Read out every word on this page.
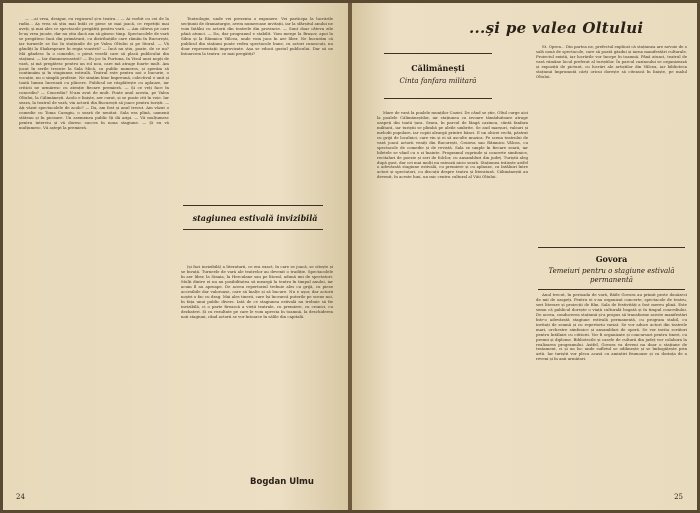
— ...ai vrea, desigur, eu regizorul și-n teatru... — Ai vorbit cu cei de la radio... Aș vrea să știu mai întâi ce piese se mai joacă, ce repetiții mai aveți, și mai ales ce spectacole pregătiți pentru vară. — Am câteva pe care le-aș vrea jucate, dar nu știu dacă am să găsesc timp. Spectacolele de vară se pregătesc încă din primăvară, cu distribuțiile care rămân în București, iar turneele se fac în stațiunile de pe Valea Oltului și pe litoral. — Vă gândiți la Shakespeare în regia voastră? — Încă nu știu, poate, de ce nu? Mă gândesc la o comedie, o piesă veselă care să placă publicului din stațiuni. — Iar dumneavoastră? — Eu joc în Furtuna, în Visul unei nopți de vară, și mă pregătesc pentru un rol nou, care mă atrage foarte mult. Am jucat în serile trecute la Sala Mică, cu public numeros, și sperăm să continuăm și în stagiunea estivală. Teatrul este pentru noi o bucurie, o vocație, nu o simplă profesie. Ne simțim bine împreună, colectivul e unit și toată lumea lucrează cu plăcere. Publicul ne răsplătește cu aplauze, iar criticii ne urmăresc cu atenție fiecare premieră. — Și ce veți face în concediu? — Concediu? N-am avut de mult. Poate anul acesta, pe Valea Oltului, la Călimănești. Acolo e liniște, aer curat, și se poate citi în voie. Iar seara, la teatrul de vară, vin actorii din București să joace pentru turiști. — Ați văzut spectacolele de acolo? — Da, am fost și anul trecut. Am văzut o comedie cu Toma Caragiu, o seară de neuitat. Sala era plină, oamenii stăteau și în picioare. Un asemenea public îți dă aripi. — Vă mulțumesc pentru interviu și vă doresc succes în noua stagiune. — Și eu vă mulțumesc. Vă aștept la premieră.

Teatrologie, unde vei prezenta o expunere. Vei participa la lucrările secțiunii de dramaturgie, avem numeroase invitații, iar la sfârșitul anului ne vom întâlni cu actorii din teatrele din provincie. — Sunt doar câteva zile până atunci. — Da, dar programul e stabilit. Vom merge la Brașov, apoi la Sibiu și la Râmnicu Vâlcea, unde vom juca în aer liber. Ne bucurăm că publicul din stațiuni poate vedea spectacole bune, cu actori cunoscuți, nu doar reprezentații improvizate. Așa se educă gustul publicului. Dar să ne întoarcem la teatru: ce mai pregătiți?

stagiunea estivală invizibilă

(și faci invizibilă) a literaturii, ce era exact, în care se joacă, se citește și se învață. Turneele de vară ale teatrelor au devenit o tradiție. Spectacolele în aer liber, la Sinaia, la Herculane sau pe litoral, adună mii de spectatori. Mulți dintre ei nu au posibilitatea să meargă la teatru în timpul anului, iar acum îl au aproape. De aceea repertoriul trebuie ales cu grijă, cu piese accesibile dar valoroase, care să înalțe și să bucure. Nu e ușor, dar actorii noștri o fac cu drag. Mai ales tinerii, care își încearcă puterile pe scene noi, în fața unui public divers. Iată de ce stagiunea estivală nu trebuie să fie invizibilă, ci o parte firească a vieții teatrale, cu premiere, cu cronici, cu dezbateri. Și cu rezultate pe care le vom aprecia în toamnă, la deschiderea noii stagiuni, când actorii se vor întoarce în sălile din capitală.

Bogdan Ulmu
24
...și pe valea Oltului
Călimănești
Cinta fanfara militară

Mare de vară la poalele munților Coziei. De când se știe, Oltul curge aici la poalele Călimăneștilor, iar stațiunea cu izvoare tămăduitoare atrage oaspeți din toată țara. Seara, în parcul de lângă cazinou, cântă fanfara militară, iar turiștii se plimbă pe aleile umbrite. Se aud marșuri, valsuri și melodii populare, iar copiii aleargă printre bănci. E un obicei vechi, păstrat cu grijă de localnici, care vin și ei să asculte muzica. Pe scena teatrului de vară joacă actorii veniți din București, Craiova sau Râmnicu Vâlcea, cu spectacole de comedie și de revistă. Sala se umple în fiecare seară, iar biletele se vând cu o zi înainte. Programul cuprinde și concerte simfonice, recitaluri de poezie și seri de folclor, cu ansambluri din județ. Turiștii aleg după gust, dar cei mai mulți nu ratează nicio seară. Stațiunea trăiește astfel o adevărată stagiune estivală, cu premiere și cu aplauze, cu întâlniri între actori și spectatori, cu discuții despre teatru și literatură. Călimăneștii au devenit, în aceste luni, un mic centru cultural al Văii Oltului.

St. Oprea... Din partea ne, prefectul explicat că stațiunea are nevoie de o sală nouă de spectacole, care să poată găzdui și iarna manifestări culturale. Proiectul există, iar lucrările vor începe în toamnă. Până atunci, teatrul de vară rămâne locul preferat al turiștilor. În parcul cazinoului se organizează și expoziții de pictură, cu lucrări ale artiștilor din Vâlcea, iar biblioteca stațiunii împrumută cărți oricui dorește să citească în liniște, pe malul Oltului.

Govora
Temeiuri pentru o stagiune estivală permanentă

Anul trecut, în perioada de vară, Băile Govora au primit peste douăzeci de mii de oaspeți. Pentru ei s-au organizat concerte, spectacole de teatru, seri literare și proiecții de film. Sala de festivități a fost mereu plină. Este semn că publicul dorește o viață culturală bogată și în timpul concediului. De aceea, conducerea stațiunii și-a propus să transforme aceste manifestări într-o adevărată stagiune estivală permanentă, cu program stabil, cu invitați de seamă și cu repertoriu variat. Se vor aduce actori din teatrele mari, orchestre simfonice și ansambluri de operă. Se vor invita scriitori pentru întâlniri cu cititorii. Vor fi organizate și concursuri pentru tineri, cu premii și diplome. Bibliotecile și casele de cultură din județ vor colabora la realizarea programului. Astfel, Govora va deveni nu doar o stațiune de tratament, ci și un loc unde sufletul se odihnește și se îmbogățește prin artă. Iar turiștii vor pleca acasă cu amintiri frumoase și cu dorința de a reveni și în anii următori.

25
